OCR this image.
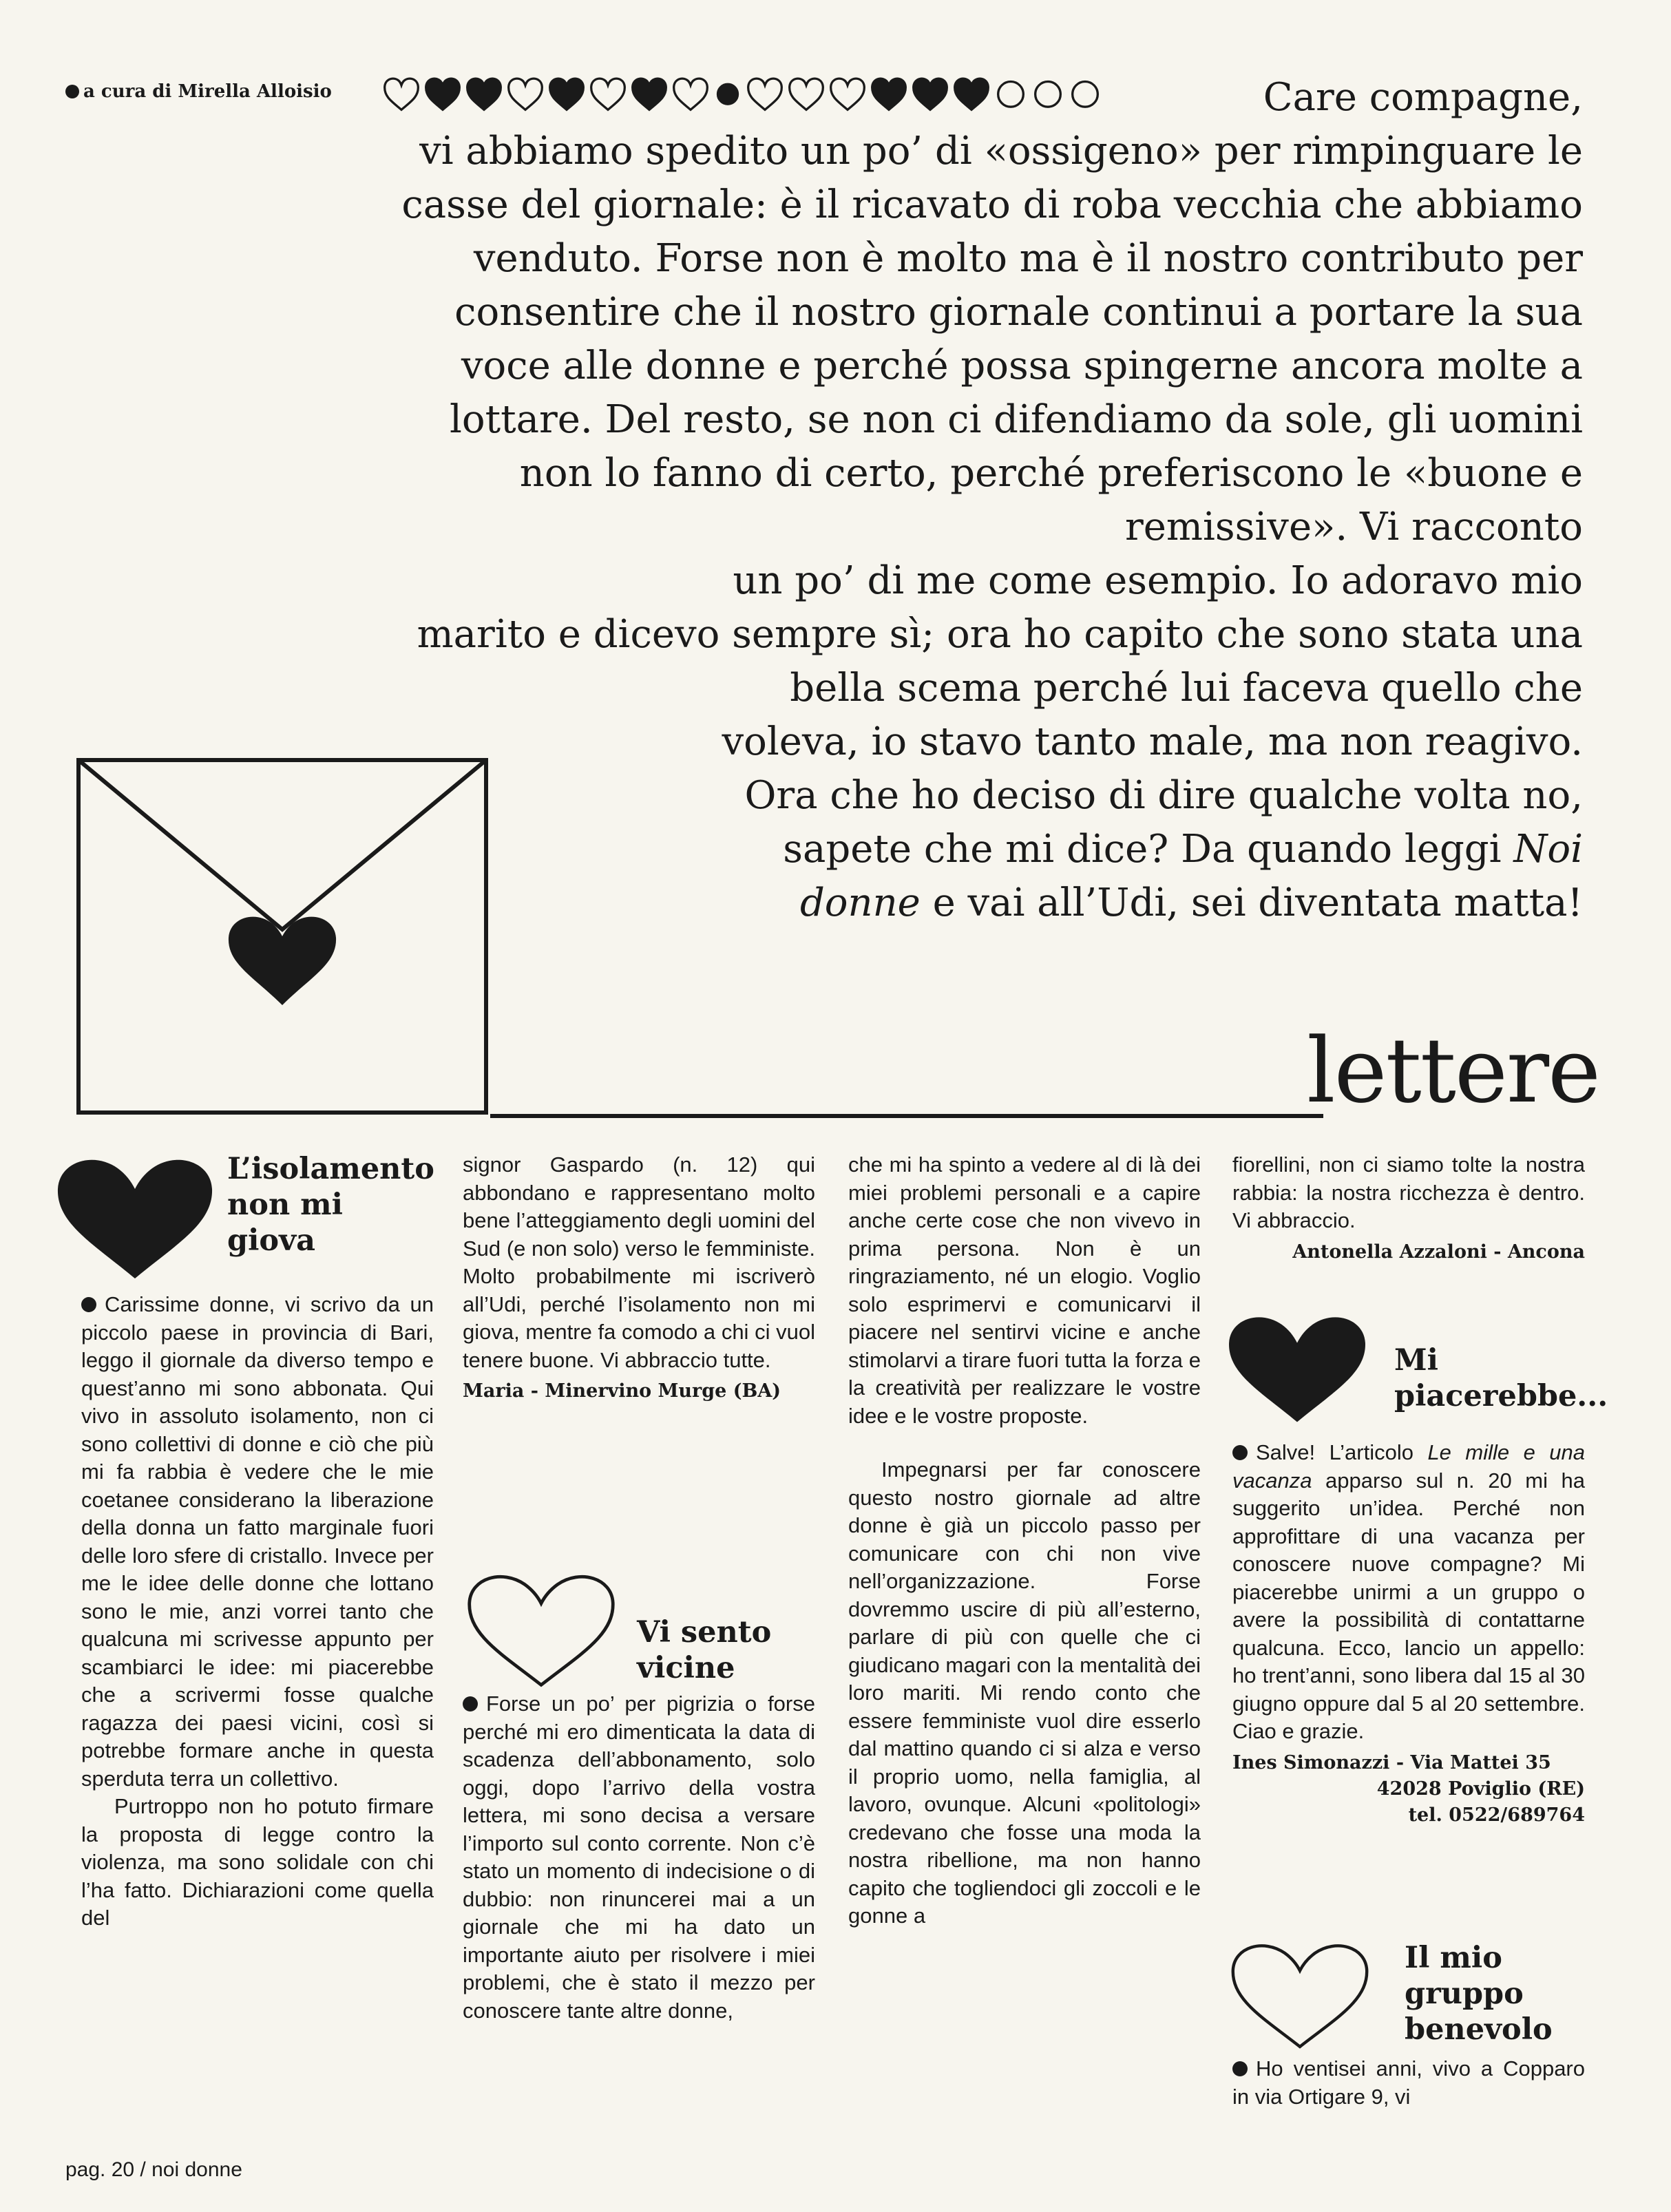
a cura di Mirella Alloisio	Care compagne,
vi abbiamo spedito un po’ di «ossigeno» per rimpinguare le
casse del giornale: è il ricavato di roba vecchia che abbiamo
venduto. Forse non è molto ma è il nostro contributo per
consentire che il nostro giornale continui a portare la sua
voce alle donne e perché possa spingerne ancora molte a
lottare. Del resto, se non ci difendiamo da sole, gli uomini
non lo fanno di certo, perché preferiscono le «buone e
remissive». Vi racconto
un po’ di me come esempio. Io adoravo mio
marito e dicevo sempre sì; ora ho capito che sono stata una
bella scema perché lui faceva quello che
voleva, io stavo tanto male, ma non reagivo.
Ora che ho deciso di dire qualche volta no,
sapete che mi dice? Da quando leggi Noi
donne e vai all’Udi, sei diventata matta!
lettere
L’isolamento
non mi
giova

Carissime donne, vi scrivo da un piccolo paese in provincia di Bari, leggo il giornale da diverso tempo e quest’anno mi sono abbonata. Qui vivo in assoluto isolamento, non ci sono collettivi di donne e ciò che più mi fa rabbia è vedere che le mie coetanee considerano la liberazione della donna un fatto marginale fuori delle loro sfere di cristallo. Invece per me le idee delle donne che lottano sono le mie, anzi vorrei tanto che qualcuna mi scrivesse appunto per scambiarci le idee: mi piacerebbe che a scrivermi fosse qualche ragazza dei paesi vicini, così si potrebbe formare anche in questa sperduta terra un collettivo.

Purtroppo non ho potuto firmare la proposta di legge contro la violenza, ma sono solidale con chi l’ha fatto. Dichiarazioni come quella del

signor Gaspardo (n. 12) qui abbondano e rappresentano molto bene l’atteggiamento degli uomini del Sud (e non solo) verso le femministe. Molto probabilmente mi iscriverò all’Udi, perché l’isolamento non mi giova, mentre fa comodo a chi ci vuol tenere buone. Vi abbraccio tutte.

Maria - Minervino Murge (BA)
Vi sento
vicine

Forse un po’ per pigrizia o forse perché mi ero dimenticata la data di scadenza dell’abbonamento, solo oggi, dopo l’arrivo della vostra lettera, mi sono decisa a versare l’importo sul conto corrente. Non c’è stato un momento di indecisione o di dubbio: non rinuncerei mai a un giornale che mi ha dato un importante aiuto per risolvere i miei problemi, che è stato il mezzo per conoscere tante altre donne,

che mi ha spinto a vedere al di là dei miei problemi personali e a capire anche certe cose che non vivevo in prima persona. Non è un ringraziamento, né un elogio. Voglio solo esprimervi e comunicarvi il piacere nel sentirvi vicine e anche stimolarvi a tirare fuori tutta la forza e la creatività per realizzare le vostre idee e le vostre proposte.

Impegnarsi per far conoscere questo nostro giornale ad altre donne è già un piccolo passo per comunicare con chi non vive nell’organizzazione. Forse dovremmo uscire di più all’esterno, parlare di più con quelle che ci giudicano magari con la mentalità dei loro mariti. Mi rendo conto che essere femministe vuol dire esserlo dal mattino quando ci si alza e verso il proprio uomo, nella famiglia, al lavoro, ovunque. Alcuni «politologi» credevano che fosse una moda la nostra ribellione, ma non hanno capito che togliendoci gli zoccoli e le gonne a

fiorellini, non ci siamo tolte la nostra rabbia: la nostra ricchezza è dentro. Vi abbraccio.

Antonella Azzaloni - Ancona
Mi
piacerebbe...

Salve! L’articolo Le mille e una vacanza apparso sul n. 20 mi ha suggerito un’idea. Perché non approfittare di una vacanza per conoscere nuove compagne? Mi piacerebbe unirmi a un gruppo o avere la possibilità di contattarne qualcuna. Ecco, lancio un appello: ho trent’anni, sono libera dal 15 al 30 giugno oppure dal 5 al 20 settembre. Ciao e grazie.

Ines Simonazzi - Via Mattei 35
42028 Poviglio (RE)
tel. 0522/689764
Il mio
gruppo
benevolo

Ho ventisei anni, vivo a Copparo in via Ortigare 9, vi

pag. 20 / noi donne
